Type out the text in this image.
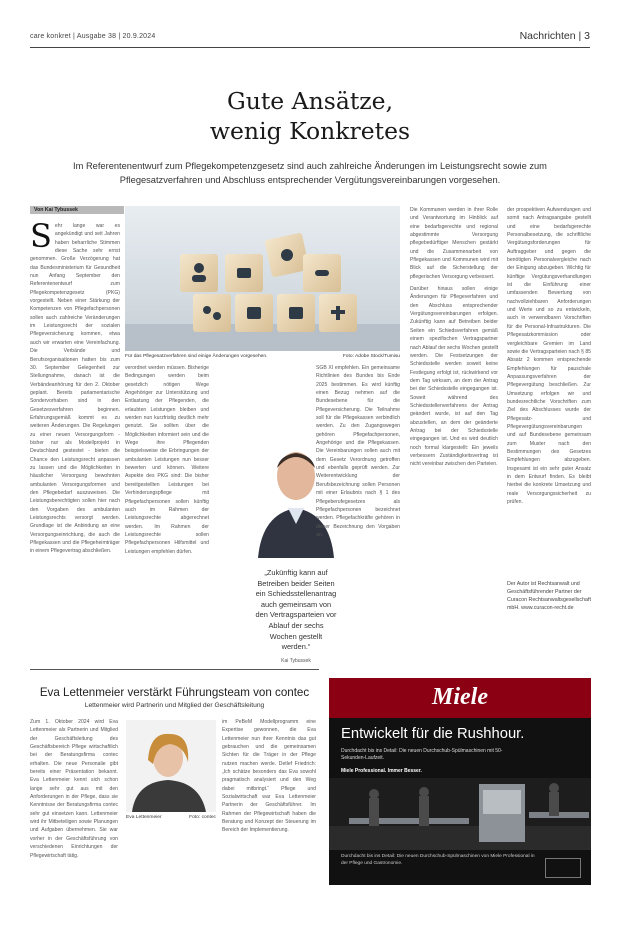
care konkret | Ausgabe 38 | 20.9.2024	Nachrichten | 3
Gute Ansätze,
wenig Konkretes
Im Referentenentwurf zum Pflegekompetenzgesetz sind auch zahlreiche Änderungen im Leistungsrecht sowie zum Pflegesatzverfahren und Abschluss entsprechender Vergütungsvereinbarungen vorgesehen.
Von Kai Tybussek
S ehr lange war es angekündigt und seit Jahren haben beharrliche Stimmen diese Sache sehr ernst genommen. Große Verzögerung hat das Bundesministerium für Gesundheit nun Anfang September den Referentenentwurf zum Pflegekompetenzgesetz (PKG) vorgestellt. Neben einer Stärkung der Kompetenzen von Pflegefachpersonen sollen auch zahlreiche Veränderungen im Leistungsrecht der sozialen Pflegeversicherung kommen, etwa auch wir erwarten eine Vereinfachung. Die Verbände und Berufsorganisationen hatten bis zum 30. September Gelegenheit zur Stellungnahme, danach ist die Verbändeanhörung für den 2. Oktober geplant. Bereits parlamentarische Sondervorhaben sind in den Gesetzesverfahren beginnen. Erfahrungsgemäß kommt es zu weiteren Änderungen. Die Regelungen zu einer neuen Versorgungsform - bisher nur als Modellprojekt in Deutschland gestestet - bieten die Chance den Leistungsrecht anpassen zu lassen und die Möglichkeiten in häuslicher Versorgung bewohnten ambulanten Versorgungsformen und den Pflegebedarf auszuweisen. Die Leistungsberechtigten sollen hier nach den Vorgaben des ambulanten Leistungsrechts versorgt werden. Grundlage ist die Anbindung an eine Versorgungseinrichtung, die auch die Pflegekassen und die Pflegeheimträger in einem Pflegevertrag abschließen.

Für das Pflegesatzverfahren sind einige Änderungen vorgesehen.	Foto: Adobe Stock/Tumisu

verordnet werden müssen. Bisherige Bedingungen werden beim gesetzlich nötigen Wege Angehöriger zur Unterstützung und Entlastung der Pflegenden, die erlaubten Leistungen bleiben und werden nun kurzfristig deutlich mehr genutzt. Sie sollten über die Möglichkeiten informiert sein und die Wege ihre Pflegenden beispielsweise die Erbringungen der ambulanten Leistungen nun besser bewerten und können. Weitere Aspekte des PKG sind: Die bisher bereitgestellten Leistungen bei Verhinderungspflege mit Pflegefachpersonen sollen künftig auch im Rahmen der Leistungsrechte abgerechnet werden. Im Rahmen der Leistungsrechte sollen Pflegefachpersonen Hilfsmittel und Leistungen empfehlen dürfen.

„Zukünftig kann auf Betreiben beider Seiten ein Schiedsstellenantrag auch gemeinsam von den Vertragsparteien vor Ablauf der sechs Wochen gestellt werden.“
Kai Tybussek

SGB XI empfehlen. Ein gemeinsame Richtlinien des Bundes bis Ende 2025 bestimmen. Es wird künftig einen Bezug nehmen auf die Bundesebene für die Pflegeversicherung. Die Teilnahme soll für die Pflegekassen verbindlich werden. Zu den Zugangswegen gehören Pflegefachpersonen, Angehörige und die Pflegekassen. Die Vereinbarungen sollen auch mit dem Gesetz Verordnung getroffen und ebenfalls geprüft werden. Zur Weiterentwicklung der Berufsbezeichnung sollen Personen mit einer Erlaubnis nach § 1 des Pflegeberufegesetzes als Pflegefachpersonen bezeichnet werden. Pflegefachkräfte gehören in dieser Bezeichnung den Vorgaben an.

Die Kommunen werden in ihrer Rolle und Verantwortung im Hinblick auf eine bedarfsgerechte und regional abgestimmte Versorgung pflegebedürftiger Menschen gestärkt und die Zusammenarbeit von Pflegekassen und Kommunen wird mit Blick auf die Sicherstellung der pflegerischen Versorgung verbessert.

Darüber hinaus sollen einige Änderungen für Pflegeverfahren und den Abschluss entsprechender Vergütungsvereinbarungen erfolgen. Zukünftig kann auf Betreiben beider Seiten ein Schiedsverfahren gemäß einem spezifischen Vertragspartner nach Ablauf der sechs Wochen gestellt werden. Die Festsetzungen der Schiedsstelle werden soweit keine Festlegung erfolgt ist, rückwirkend vor dem Tag wirksam, an dem der Antrag bei der Schiedsstelle eingegangen ist. Soweit während des Schiedsstellenverfahrens der Antrag geändert wurde, ist auf den Tag abzustellen, an dem der geänderte Antrag bei der Schiedsstelle eingegangen ist. Und es wird deutlich noch formal klargestellt: Ein jeweils verbessern Zuständigkeitsvertrag ist nicht vereinbar zwischen den Parteien.

der prospektiven Aufwendungen und somit nach Antragsangabe gestellt und eine bedarfsgerechte Personalbesetzung, die schriftliche Vergütungsforderungen für Auftraggeber und gegen die benötigten Personalvergleiche nach der Einigung abzugeben. Wichtig für künftige Vergütungsverhandlungen ist die Einführung einer umfassenden Bewertung von nachvollziehbaren Anforderungen und Werte und so zu entwickeln, auch in verwendbaren Vorschriften für die Personal-Infrastrukturen. Die Pflegesatzkommission oder vergleichbare Gremien im Land sowie die Vertragsparteien nach § 85 Absatz 2 kommen entsprechende Empfehlungen für pauschale Anpassungsverfahren der Pflegevergütung beschließen. Zur Umsetzung erfolgen wir und bundesrechtliche Vorschriften zum Ziel des Abschlusses wurde der Pflegesatz- und Pflegevergütungsvereinbarungen und auf Bundesebene gemeinsam zum Muster nach den Bestimmungen des Gesetzes Empfehlungen abzugeben. Insgesamt ist ein sehr guter Ansatz in dem Entwurf finden. Es bleibt hierbei die konkrete Umsetzung und reale Versorgungssicherheit zu prüfen.

Der Autor ist Rechtsanwalt und Geschäftsführender Partner der Curacon Rechtsanwaltsgesellschaft mbH. www.curacon-recht.de
Eva Lettenmeier verstärkt Führungsteam von contec
Lettenmeier wird Partnerin und Mitglied der Geschäftsleitung

Zum 1. Oktober 2024 wird Eva Lettenmeier als Partnerin und Mitglied der Geschäftsleitung des Geschäftsbereich Pflege wirtschaftlich bei der Beratungsfirma contec erhalten. Die neue Personalie gibt bereits einer Präsentation bekannt. Eva Lettenmeier kennt sich schon lange sehr gut aus mit den Anforderungen in der Pflege, dass sie Kenntnisse der Beratungsfirma contec sehr gut einsetzen kann. Lettenmeier wird ihr Mitbeteiligen sowie Planungen und Aufgaben übernehmen. Sie war vorher in der Geschäftsführung von verschiedenen Einrichtungen der Pflegewirtschaft tätig.

Eva Lettenmeier	Foto: contec

im PeBeM Modellprogramm eine Expertise gewonnen, die Eva Lettenmeier nun ihrer Kenntnis das gut gebrauchen und die gemeinsamen Sichten für die Träger in der Pflege nutzen machen werde. Detlef Friedrich: „Ich schätze besonders das Eva sowohl pragmatisch analysiert und den Weg dabei mitbringt.“ Pflege und Sozialwirtschaft war Eva Lettenmeier Partnerin der Geschäftsführer. Im Rahmen der Pflegewirtschaft haben die Beratung und Konzept der Steuerung im Bereich der Implementierung.

Miele
Entwickelt für die Rushhour.
Durchdacht bis ins Detail: Die neuen Durchschub-Spülmaschinen mit 50-Sekunden-Laufzeit.
Miele Professional. Immer Besser.
Durchdacht bis ins Detail: Die neuen Durchschub-Spülmaschinen von Miele Professional in der Pflege und Gastronomie.
